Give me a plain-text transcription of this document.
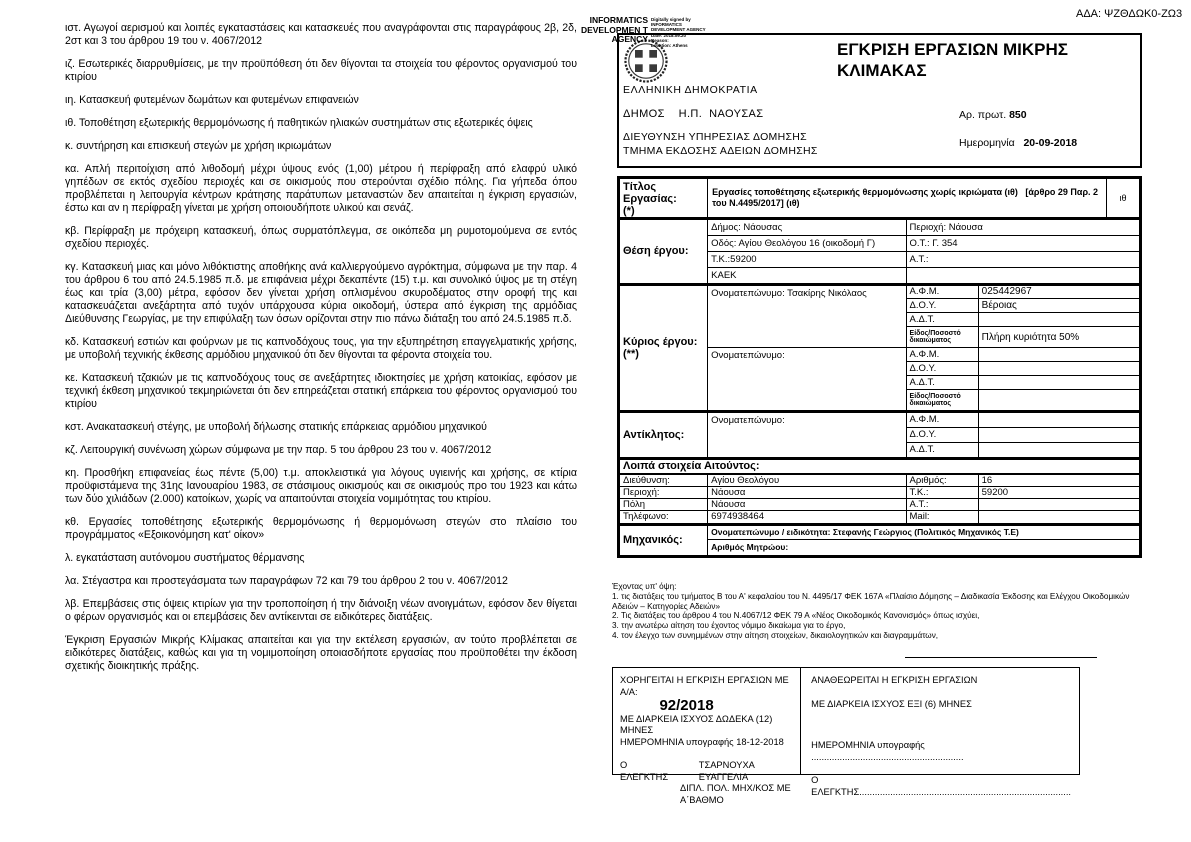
ιστ. Αγωγοί αερισμού και λοιπές εγκαταστάσεις και κατασκευές που αναγράφονται στις παραγράφους 2β, 2δ, 2στ και 3 του άρθρου 19 του ν. 4067/2012

ιζ. Εσωτερικές διαρρυθμίσεις, με την προϋπόθεση ότι δεν θίγονται τα στοιχεία του φέροντος οργανισμού του κτιρίου

ιη. Κατασκευή φυτεμένων δωμάτων και φυτεμένων επιφανειών

ιθ. Τοποθέτηση εξωτερικής θερμομόνωσης ή παθητικών ηλιακών συστημάτων στις εξωτερικές όψεις

κ. συντήρηση και επισκευή στεγών με χρήση ικριωμάτων

κα. Απλή περιτοίχιση από λιθοδομή μέχρι ύψους ενός (1,00) μέτρου ή περίφραξη από ελαφρύ υλικό γηπέδων σε εκτός σχεδίου περιοχές και σε οικισμούς που στερούνται σχέδιο πόλης. Για γήπεδα όπου προβλέπεται η λειτουργία κέντρων κράτησης παράτυπων μεταναστών δεν απαιτείται η έγκριση εργασιών, έστω και αν η περίφραξη γίνεται με χρήση οποιουδήποτε υλικού και σενάζ.

κβ. Περίφραξη με πρόχειρη κατασκευή, όπως συρματόπλεγμα, σε οικόπεδα μη ρυμοτομούμενα σε εντός σχεδίου περιοχές.

κγ. Κατασκευή μιας και μόνο λιθόκτιστης αποθήκης ανά καλλιεργούμενο αγρόκτημα, σύμφωνα με την παρ. 4 του άρθρου 6 του από 24.5.1985 π.δ. με επιφάνεια μέχρι δεκαπέντε (15) τ.μ. και συνολικό ύψος με τη στέγη έως και τρία (3,00) μέτρα, εφόσον δεν γίνεται χρήση οπλισμένου σκυροδέματος στην οροφή της και κατασκευάζεται ανεξάρτητα από τυχόν υπάρχουσα κύρια οικοδομή, ύστερα από έγκριση της αρμόδιας Διεύθυνσης Γεωργίας, με την επιφύλαξη των όσων ορίζονται στην πιο πάνω διάταξη του από 24.5.1985 π.δ.

κδ. Κατασκευή εστιών και φούρνων με τις καπνοδόχους τους, για την εξυπηρέτηση επαγγελματικής χρήσης, με υποβολή τεχνικής έκθεσης αρμόδιου μηχανικού ότι δεν θίγονται τα φέροντα στοιχεία του.

κε. Κατασκευή τζακιών με τις καπνοδόχους τους σε ανεξάρτητες ιδιοκτησίες με χρήση κατοικίας, εφόσον με τεχνική έκθεση μηχανικού τεκμηριώνεται ότι δεν επηρεάζεται στατική επάρκεια του φέροντος οργανισμού του κτιρίου

κστ. Ανακατασκευή στέγης, με υποβολή δήλωσης στατικής επάρκειας αρμόδιου μηχανικού

κζ. Λειτουργική συνένωση χώρων σύμφωνα με την παρ. 5 του άρθρου 23 του ν. 4067/2012

κη. Προσθήκη επιφανείας έως πέντε (5,00) τ.μ. αποκλειστικά για λόγους υγιεινής και χρήσης, σε κτίρια προϋφιστάμενα της 31ης Ιανουαρίου 1983, σε στάσιμους οικισμούς και σε οικισμούς προ του 1923 και κάτω των δύο χιλιάδων (2.000) κατοίκων, χωρίς να απαιτούνται στοιχεία νομιμότητας του κτιρίου.

κθ. Εργασίες τοποθέτησης εξωτερικής θερμομόνωσης ή θερμομόνωση στεγών στο πλαίσιο του προγράμματος «Εξοικονόμηση κατ' οίκον»

λ. εγκατάσταση αυτόνομου συστήματος θέρμανσης

λα. Στέγαστρα και προστεγάσματα των παραγράφων 72 και 79 του άρθρου 2 του ν. 4067/2012

λβ. Επεμβάσεις στις όψεις κτιρίων για την τροποποίηση ή την διάνοιξη νέων ανοιγμάτων, εφόσον δεν θίγεται ο φέρων οργανισμός και οι επεμβάσεις δεν αντίκεινται σε ειδικότερες διατάξεις.

Έγκριση Εργασιών Μικρής Κλίμακας απαιτείται και για την εκτέλεση εργασιών, αν τούτο προβλέπεται σε ειδικότερες διατάξεις, καθώς και για τη νομιμοποίηση οποιασδήποτε εργασίας που προϋποθέτει την έκδοση σχετικής διοικητικής πράξης.

ΑΔΑ: ΨΖΘΔΩΚ0-ΖΩ3
INFORMATICS DEVELOPMEN T AGENCY
Digitally signed by
INFORMATICS
DEVELOPMENT AGENCY
Date: 2018.09.20
Reason:
Location: Athens
ΕΛΛΗΝΙΚΗ ΔΗΜΟΚΡΑΤΙΑ
ΕΓΚΡΙΣΗ ΕΡΓΑΣΙΩΝ ΜΙΚΡΗΣ ΚΛΙΜΑΚΑΣ
ΔΗΜΟΣ    Η.Π.  ΝΑΟΥΣΑΣ
ΔΙΕΥΘΥΝΣΗ ΥΠΗΡΕΣΙΑΣ ΔΟΜΗΣΗΣ
ΤΜΗΜΑ ΕΚΔΟΣΗΣ ΑΔΕΙΩΝ ΔΟΜΗΣΗΣ
Αρ. πρωτ. 850
Ημερομηνία 20-09-2018
Τίτλος Εργασίας:
(*)
	Εργασίες τοποθέτησης εξωτερικής θερμομόνωσης χωρίς ικριώματα (ιθ)   [άρθρο 29 Παρ. 2  του Ν.4495/2017] (ιθ)	ιθ
Θέση έργου:	Δήμος: Νάουσας	Περιοχή: Νάουσα
	Οδός: Αγίου Θεολόγου 16 (οικοδομή Γ)	Ο.Τ.: Γ. 354
	Τ.Κ.:59200	Α.Τ.:
	ΚΑΕΚ	
Κύριος έργου:
(**)	Ονοματεπώνυμο: Τσακίρης Νικόλαος	Α.Φ.Μ.	025442967
		Δ.Ο.Υ.	Βέροιας
		Α.Δ.Τ.	
		Είδος/Ποσοστό δικαιώματος	Πλήρη κυριότητα 50%
	Ονοματεπώνυμο:	Α.Φ.Μ.	
		Δ.Ο.Υ.	
		Α.Δ.Τ.	
		Είδος/Ποσοστό δικαιώματος	
Αντίκλητος:	Ονοματεπώνυμο:	Α.Φ.Μ.	
		Δ.Ο.Υ.	
		Α.Δ.Τ.	
Λοιπά στοιχεία Αιτούντος:			
Διεύθυνση:	Αγίου Θεολόγου	Αριθμός:	16
Περιοχή:	Νάουσα	Τ.Κ.:	59200
Πόλη	Νάουσα	Α.Τ.:	
Τηλέφωνο:	6974938464	Mail:	
Μηχανικός:	Ονοματεπώνυμο / ειδικότητα: Στεφανής Γεώργιος (Πολιτικός Μηχανικός Τ.Ε)
Αριθμός Μητρώου:
Έχοντας υπ' όψη:
1. τις διατάξεις του τμήματος Β του Α' κεφαλαίου του Ν. 4495/17 ΦΕΚ 167Α «Πλαίσιο Δόμησης – Διαδικασία Έκδοσης και Ελέγχου Οικοδομικών Αδειών – Κατηγορίες Αδειών»
2. Τις διατάξεις του άρθρου 4 του Ν.4067/12 ΦΕΚ 79 Α «Νέος Οικοδομικός Κανονισμός» όπως ισχύει,
3. την ανωτέρω αίτηση του έχοντος νόμιμο δικαίωμα για το έργο,
4. τον έλεγχο των συνημμένων στην αίτηση στοιχείων, δικαιολογητικών και διαγραμμάτων,
ΧΟΡΗΓΕΙΤΑΙ Η ΕΓΚΡΙΣΗ ΕΡΓΑΣΙΩΝ ΜΕ Α/Α:
92/2018
ΜΕ ΔΙΑΡΚΕΙΑ ΙΣΧΥΟΣ ΔΩΔΕΚΑ (12) ΜΗΝΕΣ
ΗΜΕΡΟΜΗΝΙΑ υπογραφής 18-12-2018
Ο ΕΛΕΓΚΤΗΣ
ΤΣΑΡΝΟΥΧΑ ΕΥΑΓΓΕΛΙΑ
ΔΙΠΛ. ΠΟΛ. ΜΗΧ/ΚΟΣ ΜΕ Α΄ΒΑΘΜΟ
ΑΝΑΘΕΩΡΕΙΤΑΙ Η ΕΓΚΡΙΣΗ ΕΡΓΑΣΙΩΝ
ΜΕ ΔΙΑΡΚΕΙΑ ΙΣΧΥΟΣ ΕΞΙ (6) ΜΗΝΕΣ
ΗΜΕΡΟΜΗΝΙΑ υπογραφής ...........................................................
Ο ΕΛΕΓΚΤΗΣ..................................................................................
